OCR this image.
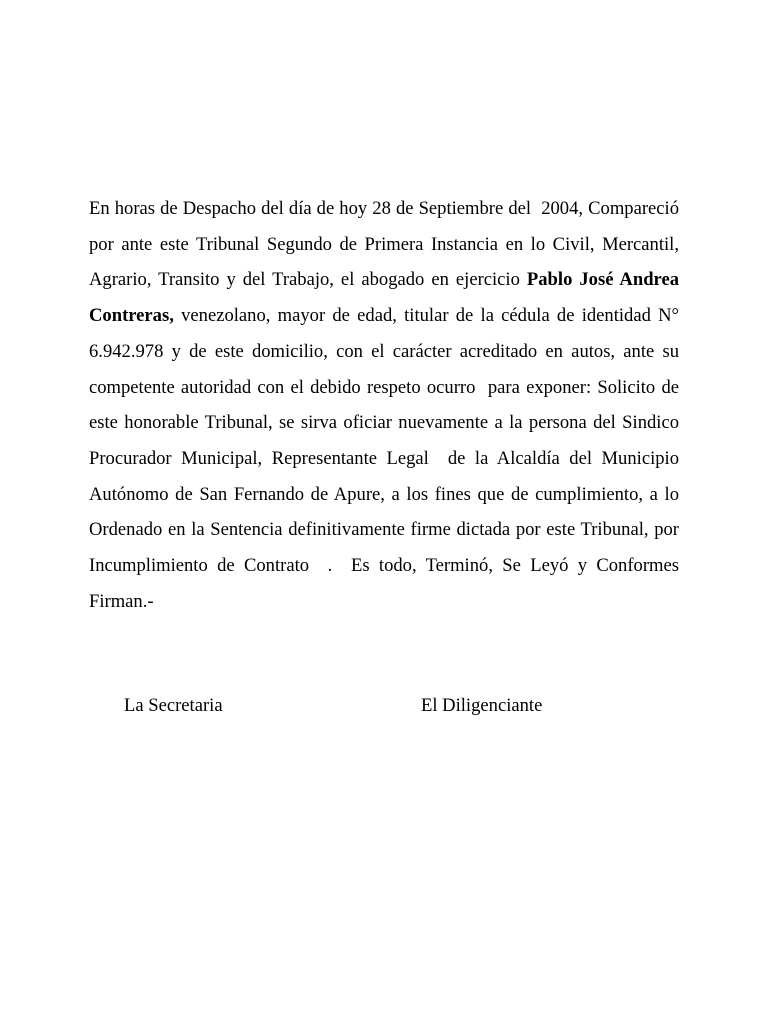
En horas de Despacho del día de hoy 28 de Septiembre del  2004, Compareció por ante este Tribunal Segundo de Primera Instancia en lo Civil, Mercantil, Agrario, Transito y del Trabajo, el abogado en ejercicio Pablo José Andrea Contreras, venezolano, mayor de edad, titular de la cédula de identidad N° 6.942.978 y de este domicilio, con el carácter acreditado en autos, ante su competente autoridad con el debido respeto ocurro  para exponer: Solicito de este honorable Tribunal, se sirva oficiar nuevamente a la persona del Sindico Procurador Municipal, Representante Legal  de la Alcaldía del Municipio Autónomo de San Fernando de Apure, a los fines que de cumplimiento, a lo Ordenado en la Sentencia definitivamente firme dictada por este Tribunal, por Incumplimiento de Contrato  .  Es todo, Terminó, Se Leyó y Conformes Firman.-

La Secretaria	El Diligenciante
